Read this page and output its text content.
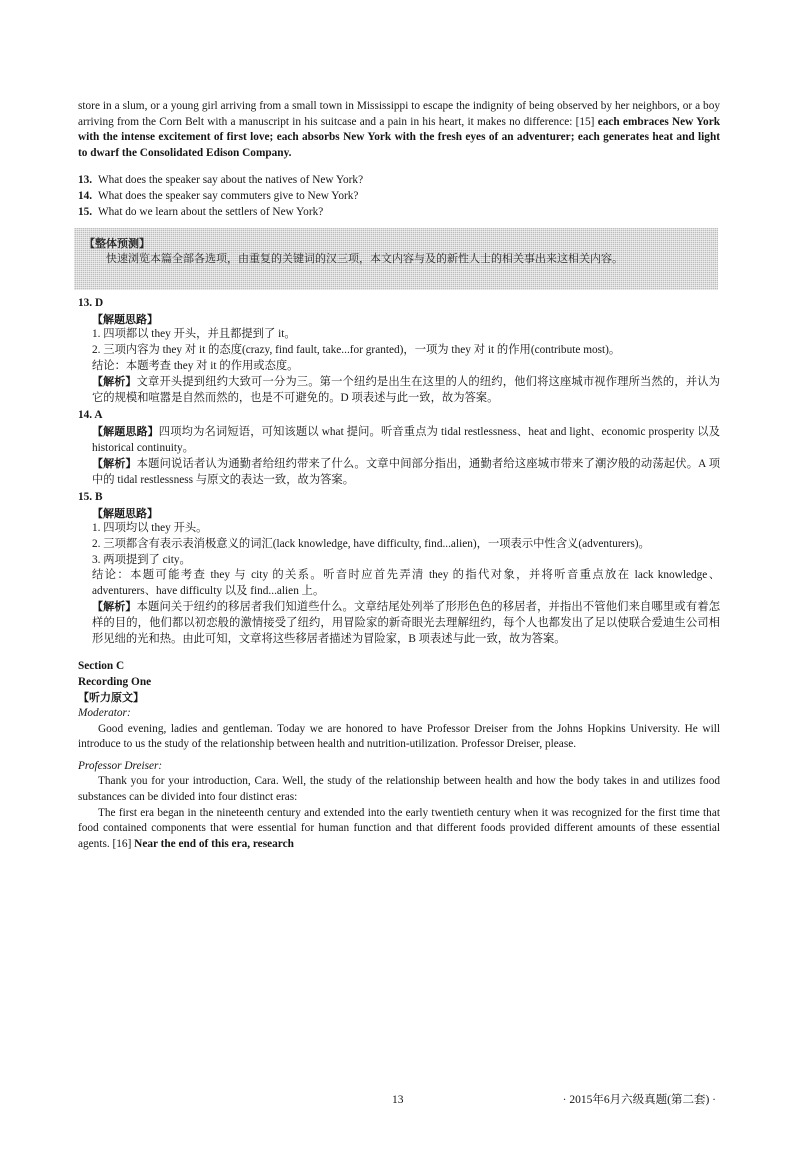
store in a slum, or a young girl arriving from a small town in Mississippi to escape the indignity of being observed by her neighbors, or a boy arriving from the Corn Belt with a manuscript in his suitcase and a pain in his heart, it makes no difference: [15] each embraces New York with the intense excitement of first love; each absorbs New York with the fresh eyes of an adventurer; each generates heat and light to dwarf the Consolidated Edison Company.

13. What does the speaker say about the natives of New York?
14. What does the speaker say commuters give to New York?
15. What do we learn about the settlers of New York?
【整体预测】
快速浏览本篇全部各选项，由重复的关键词的汉三项，本文内容与及的新性人士的相关事出来这相关内容。
13. D
【解题思路】

1. 四项都以 they 开头，并且都提到了 it。

2. 三项内容为 they 对 it 的态度(crazy, find fault, take...for granted)，一项为 they 对 it 的作用(contribute most)。

结论：本题考查 they 对 it 的作用或态度。

【解析】文章开头提到纽约大致可一分为三。第一个纽约是出生在这里的人的纽约，他们将这座城市视作理所当然的，并认为它的规模和喧嚣是自然而然的，也是不可避免的。D 项表述与此一致，故为答案。

14. A

【解题思路】四项均为名词短语，可知该题以 what 提问。听音重点为 tidal restlessness、heat and light、economic prosperity 以及 historical continuity。

【解析】本题问说话者认为通勤者给纽约带来了什么。文章中间部分指出，通勤者给这座城市带来了潮汐般的动荡起伏。A 项中的 tidal restlessness 与原文的表达一致，故为答案。

15. B
【解题思路】

1. 四项均以 they 开头。

2. 三项都含有表示表消极意义的词汇(lack knowledge, have difficulty, find...alien)，一项表示中性含义(adventurers)。

3. 两项提到了 city。

结论：本题可能考查 they 与 city 的关系。听音时应首先弄清 they 的指代对象，并将听音重点放在 lack knowledge、adventurers、have difficulty 以及 find...alien 上。

【解析】本题问关于纽约的移居者我们知道些什么。文章结尾处列举了形形色色的移居者，并指出不管他们来自哪里或有着怎样的目的，他们都以初恋般的激情接受了纽约，用冒险家的新奇眼光去理解纽约，每个人也都发出了足以使联合爱迪生公司相形见绌的光和热。由此可知，文章将这些移居者描述为冒险家，B 项表述与此一致，故为答案。

Section C
Recording One
【听力原文】
Moderator:

Good evening, ladies and gentleman. Today we are honored to have Professor Dreiser from the Johns Hopkins University. He will introduce to us the study of the relationship between health and nutrition-utilization. Professor Dreiser, please.

Professor Dreiser:

Thank you for your introduction, Cara. Well, the study of the relationship between health and how the body takes in and utilizes food substances can be divided into four distinct eras:

The first era began in the nineteenth century and extended into the early twentieth century when it was recognized for the first time that food contained components that were essential for human function and that different foods provided different amounts of these essential agents. [16] Near the end of this era, research

13	· 2015年6月六级真题(第二套) ·
